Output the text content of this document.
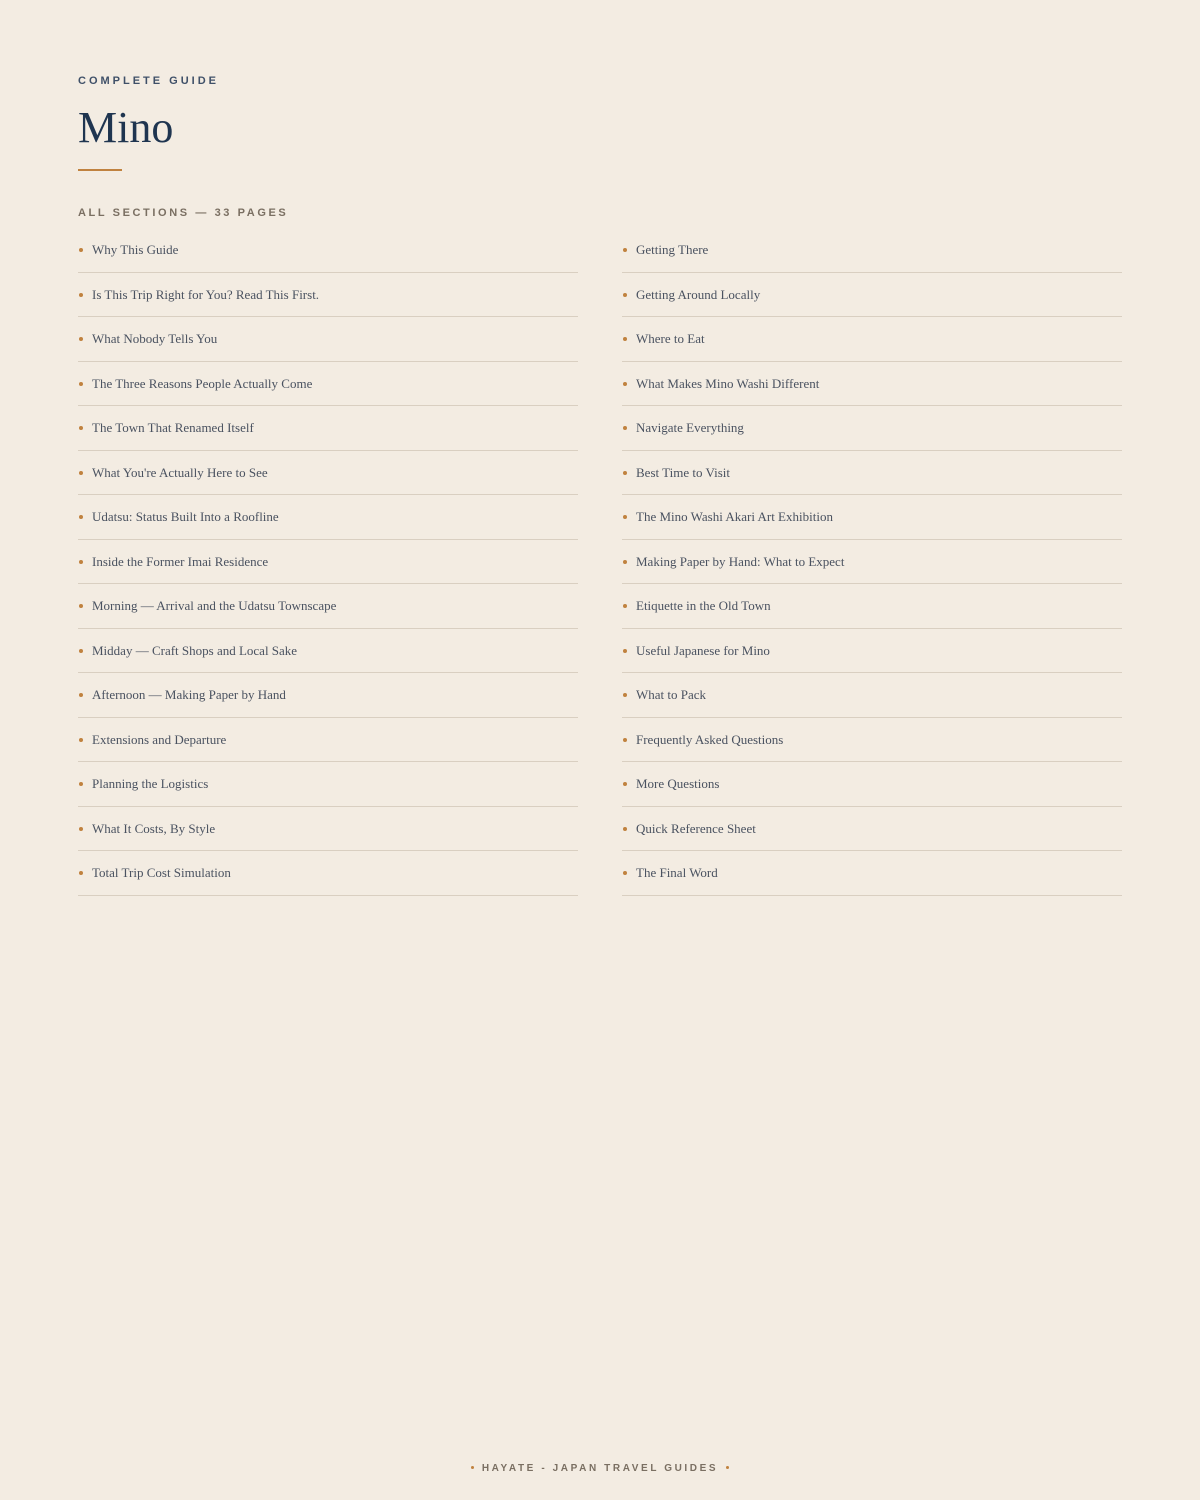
COMPLETE GUIDE
Mino
ALL SECTIONS — 33 PAGES
Why This Guide
Is This Trip Right for You? Read This First.
What Nobody Tells You
The Three Reasons People Actually Come
The Town That Renamed Itself
What You're Actually Here to See
Udatsu: Status Built Into a Roofline
Inside the Former Imai Residence
Morning — Arrival and the Udatsu Townscape
Midday — Craft Shops and Local Sake
Afternoon — Making Paper by Hand
Extensions and Departure
Planning the Logistics
What It Costs, By Style
Total Trip Cost Simulation
Getting There
Getting Around Locally
Where to Eat
What Makes Mino Washi Different
Navigate Everything
Best Time to Visit
The Mino Washi Akari Art Exhibition
Making Paper by Hand: What to Expect
Etiquette in the Old Town
Useful Japanese for Mino
What to Pack
Frequently Asked Questions
More Questions
Quick Reference Sheet
The Final Word
HAYATE - JAPAN TRAVEL GUIDES
